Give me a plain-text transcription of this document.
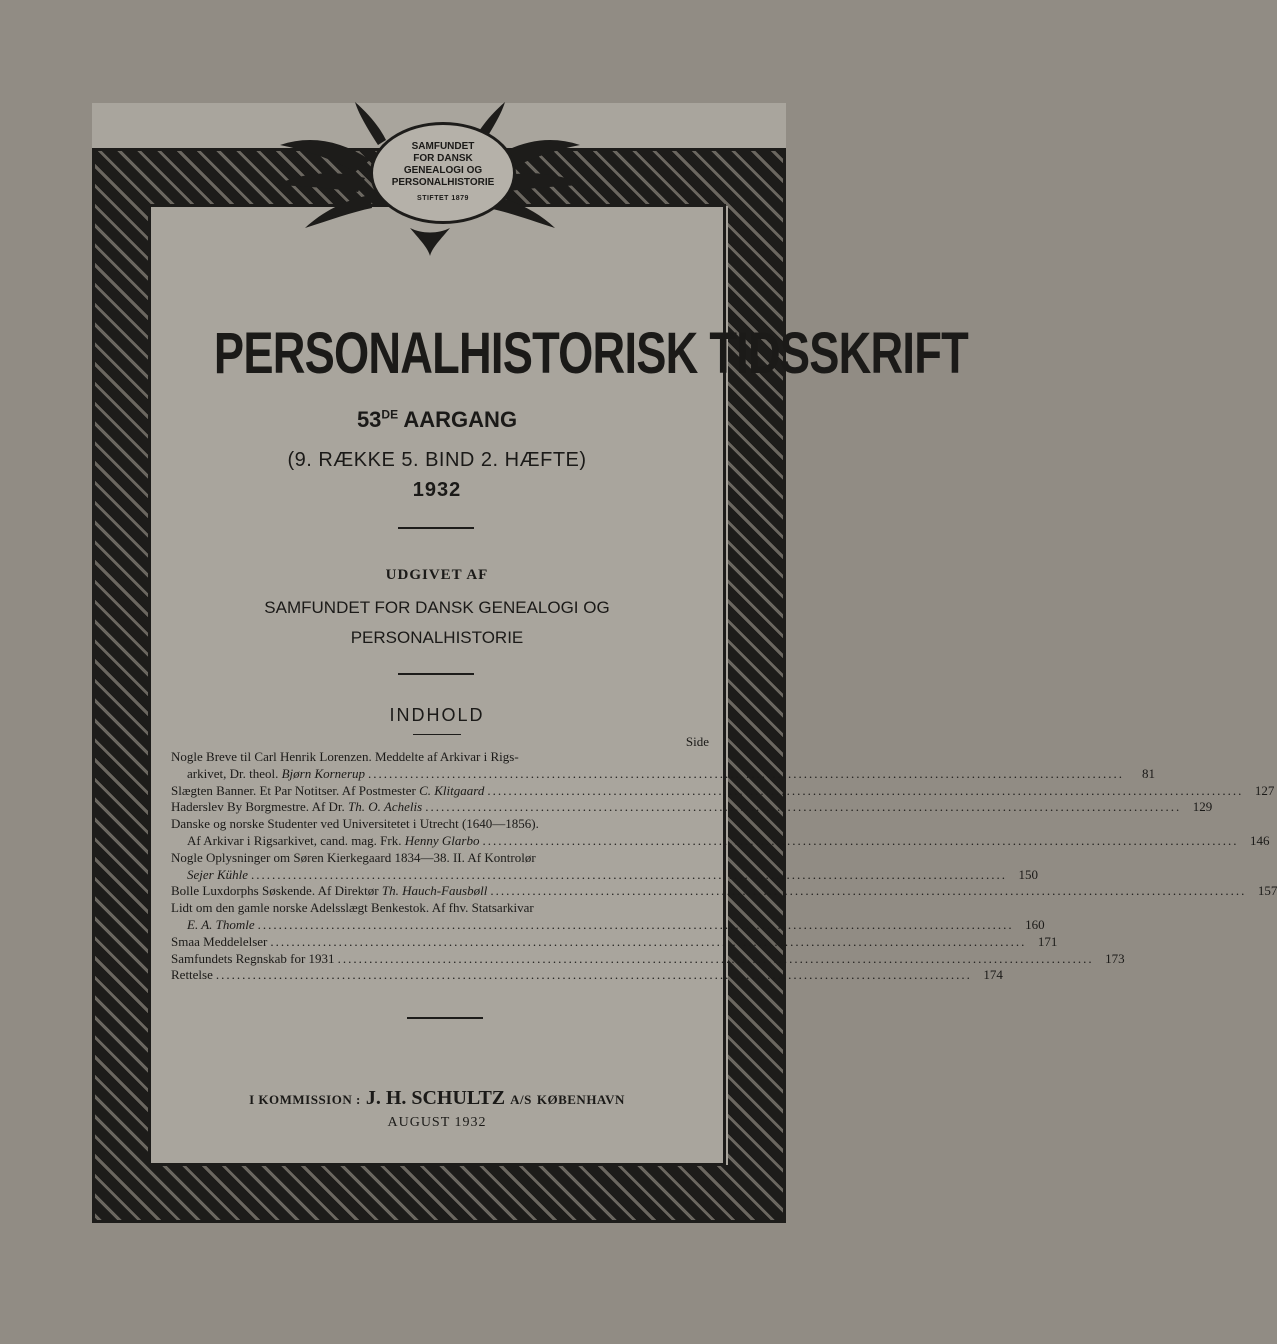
SAMFUNDET
FOR DANSK
GENEALOGI OG
PERSONALHISTORIE
STIFTET 1879
PERSONALHISTORISK TIDSSKRIFT
53DE AARGANG
(9. RÆKKE 5. BIND 2. HÆFTE)
1932
UDGIVET AF
SAMFUNDET FOR DANSK GENEALOGI OG
PERSONALHISTORIE
INDHOLD
Side
Nogle Breve til Carl Henrik Lorenzen. Meddelte af Arkivar i Rigs-
arkivet, Dr. theol. Bjørn Kornerup .....	81
Slægten Banner. Et Par Notitser. Af Postmester C. Klitgaard .....	127
Haderslev By Borgmestre. Af Dr. Th. O. Achelis .....	129
Danske og norske Studenter ved Universitetet i Utrecht (1640—1856).
Af Arkivar i Rigsarkivet, cand. mag. Frk. Henny Glarbo .....	146
Nogle Oplysninger om Søren Kierkegaard 1834—38. II. Af Kontrolør
Sejer Kühle .....	150
Bolle Luxdorphs Søskende. Af Direktør Th. Hauch-Fausbøll .....	157
Lidt om den gamle norske Adelsslægt Benkestok. Af fhv. Statsarkivar
E. A. Thomle .....	160
Smaa Meddelelser .....	171
Samfundets Regnskab for 1931 .....	173
Rettelse .....	174
I KOMMISSION : J. H. SCHULTZ A/S KØBENHAVN
AUGUST 1932
